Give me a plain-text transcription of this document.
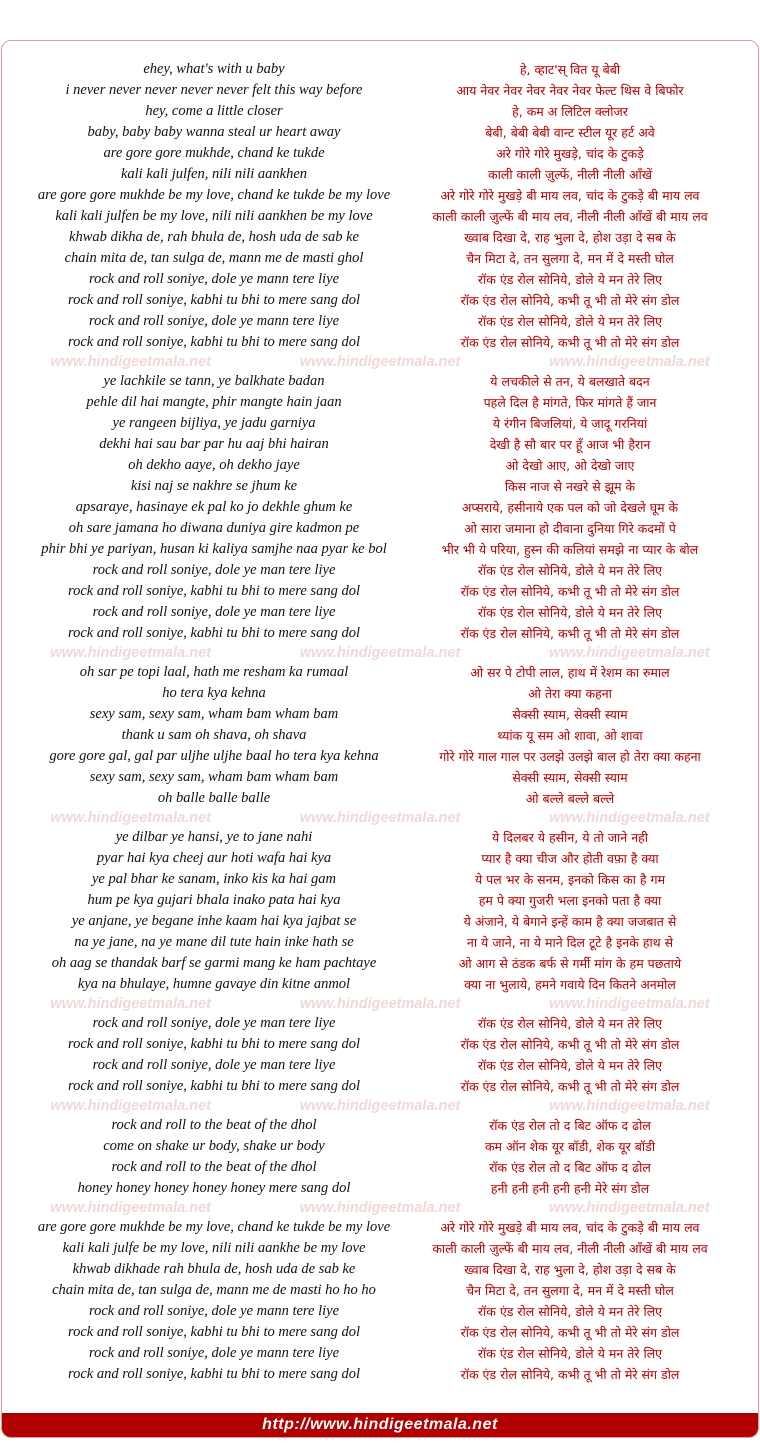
ehey, what's with u baby	हे, व्हाट'स् वित यू बेबी
i never never never never never felt this way before	आय नेवर नेवर नेवर नेवर नेवर फेल्ट थिस वे बिफोर
hey, come a little closer	हे, कम अ लिटिल क्लोजर
baby, baby baby wanna steal ur heart away	बेबी, बेबी बेबी वान्ट स्टील यूर हर्ट अवे
are gore gore mukhde, chand ke tukde	अरे गोरे गोरे मुखड़े, चांद के टुकड़े
kali kali julfen, nili nili aankhen	काली काली ज़ुल्फें, नीली नीली आँखें
are gore gore mukhde be my love, chand ke tukde be my love	अरे गोरे गोरे मुखड़े बी माय लव, चांद के टुकड़े बी माय लव
kali kali julfen be my love, nili nili aankhen be my love	काली काली ज़ुल्फें बी माय लव, नीली नीली आँखें बी माय लव
khwab dikha de, rah bhula de, hosh uda de sab ke	ख्वाब दिखा दे, राह भुला दे, होश उड़ा दे सब के
chain mita de, tan sulga de, mann me de masti ghol	चैन मिटा दे, तन सुलगा दे, मन में दे मस्ती घोल
rock and roll soniye, dole ye mann tere liye	रॉक एंड रोल सोनिये, डोले ये मन तेरे लिए
rock and roll soniye, kabhi tu bhi to mere sang dol	रॉक एंड रोल सोनिये, कभी तू भी तो मेरे संग डोल
rock and roll soniye, dole ye mann tere liye	रॉक एंड रोल सोनिये, डोले ये मन तेरे लिए
rock and roll soniye, kabhi tu bhi to mere sang dol	रॉक एंड रोल सोनिये, कभी तू भी तो मेरे संग डोल
www.hindigeetmala.net	www.hindigeetmala.net	www.hindigeetmala.net
ye lachkile se tann, ye balkhate badan	ये लचकीले से तन, ये बलखाते बदन
pehle dil hai mangte, phir mangte hain jaan	पहले दिल है मांगते, फिर मांगते हैं जान
ye rangeen bijliya, ye jadu garniya	ये रंगीन बिजलियां, ये जादू गरनियां
dekhi hai sau bar par hu aaj bhi hairan	देखी है सौ बार पर हूँ आज भी हैरान
oh dekho aaye, oh dekho jaye	ओ देखो आए, ओ देखो जाए
kisi naj se nakhre se jhum ke	किस नाज से नखरे से झूम के
apsaraye, hasinaye ek pal ko jo dekhle ghum ke	अप्सराये, हसीनाये एक पल को जो देखले घूम के
oh sare jamana ho diwana duniya gire kadmon pe	ओ सारा जमाना हो दीवाना दुनिया गिरे कदमों पे
phir bhi ye pariyan, husan ki kaliya samjhe naa pyar ke bol	भीर भी ये परिया, हुस्न की कलियां समझे ना प्यार के बोल
rock and roll soniye, dole ye man tere liye	रॉक एंड रोल सोनिये, डोले ये मन तेरे लिए
rock and roll soniye, kabhi tu bhi to mere sang dol	रॉक एंड रोल सोनिये, कभी तू भी तो मेरे संग डोल
rock and roll soniye, dole ye man tere liye	रॉक एंड रोल सोनिये, डोले ये मन तेरे लिए
rock and roll soniye, kabhi tu bhi to mere sang dol	रॉक एंड रोल सोनिये, कभी तू भी तो मेरे संग डोल
www.hindigeetmala.net	www.hindigeetmala.net	www.hindigeetmala.net
oh sar pe topi laal, hath me resham ka rumaal	ओ सर पे टोपी लाल, हाथ में रेशम का रुमाल
ho tera kya kehna	ओ तेरा क्या कहना
sexy sam, sexy sam, wham bam wham bam	सेक्सी स्याम, सेक्सी स्याम
thank u sam oh shava, oh shava	थ्यांक यू सम ओ शावा, ओ शावा
gore gore gal, gal par uljhe uljhe baal ho tera kya kehna	गोरे गोरे गाल गाल पर उलझे उलझे बाल हो तेरा क्या कहना
sexy sam, sexy sam, wham bam wham bam	सेक्सी स्याम, सेक्सी स्याम
oh balle balle balle	ओ बल्ले बल्ले बल्ले
www.hindigeetmala.net	www.hindigeetmala.net	www.hindigeetmala.net
ye dilbar ye hansi, ye to jane nahi	ये दिलबर ये हसीन, ये तो जाने नही
pyar hai kya cheej aur hoti wafa hai kya	प्यार है क्या चीज और होती वफ़ा है क्या
ye pal bhar ke sanam, inko kis ka hai gam	ये पल भर के सनम, इनको किस का है गम
hum pe kya gujari bhala inako pata hai kya	हम पे क्या गुजरी भला इनको पता है क्या
ye anjane, ye begane inhe kaam hai kya jajbat se	ये अंजाने, ये बेगाने इन्हें काम है क्या जजबात से
na ye jane, na ye mane dil tute hain inke hath se	ना ये जाने, ना ये माने दिल टूटे है इनके हाथ से
oh aag se thandak barf se garmi mang ke ham pachtaye	ओ आग से ठंडक बर्फ से गर्मी मांग के हम पछताये
kya na bhulaye, humne gavaye din kitne anmol	क्या ना भुलाये, हमने गवाये दिन कितने अनमोल
www.hindigeetmala.net	www.hindigeetmala.net	www.hindigeetmala.net
rock and roll soniye, dole ye man tere liye	रॉक एंड रोल सोनिये, डोले ये मन तेरे लिए
rock and roll soniye, kabhi tu bhi to mere sang dol	रॉक एंड रोल सोनिये, कभी तू भी तो मेरे संग डोल
rock and roll soniye, dole ye man tere liye	रॉक एंड रोल सोनिये, डोले ये मन तेरे लिए
rock and roll soniye, kabhi tu bhi to mere sang dol	रॉक एंड रोल सोनिये, कभी तू भी तो मेरे संग डोल
www.hindigeetmala.net	www.hindigeetmala.net	www.hindigeetmala.net
rock and roll to the beat of the dhol	रॉक एंड रोल तो द बिट ऑफ द ढोल
come on shake ur body, shake ur body	कम ऑन शेक यूर बॉडी, शेक यूर बॉडी
rock and roll to the beat of the dhol	रॉक एंड रोल तो द बिट ऑफ द ढोल
honey honey honey honey honey mere sang dol	हनी हनी हनी हनी हनी मेरे संग डोल
www.hindigeetmala.net	www.hindigeetmala.net	www.hindigeetmala.net
are gore gore mukhde be my love, chand ke tukde be my love	अरे गोरे गोरे मुखड़े बी माय लव, चांद के टुकड़े बी माय लव
kali kali julfe be my love, nili nili aankhe be my love	काली काली ज़ुल्फें बी माय लव, नीली नीली आँखें बी माय लव
khwab dikhade rah bhula de, hosh uda de sab ke	ख्वाब दिखा दे, राह भुला दे, होश उड़ा दे सब के
chain mita de, tan sulga de, mann me de masti ho ho ho	चैन मिटा दे, तन सुलगा दे, मन में दे मस्ती घोल
rock and roll soniye, dole ye mann tere liye	रॉक एंड रोल सोनिये, डोले ये मन तेरे लिए
rock and roll soniye, kabhi tu bhi to mere sang dol	रॉक एंड रोल सोनिये, कभी तू भी तो मेरे संग डोल
rock and roll soniye, dole ye mann tere liye	रॉक एंड रोल सोनिये, डोले ये मन तेरे लिए
rock and roll soniye, kabhi tu bhi to mere sang dol	रॉक एंड रोल सोनिये, कभी तू भी तो मेरे संग डोल
http://www.hindigeetmala.net
